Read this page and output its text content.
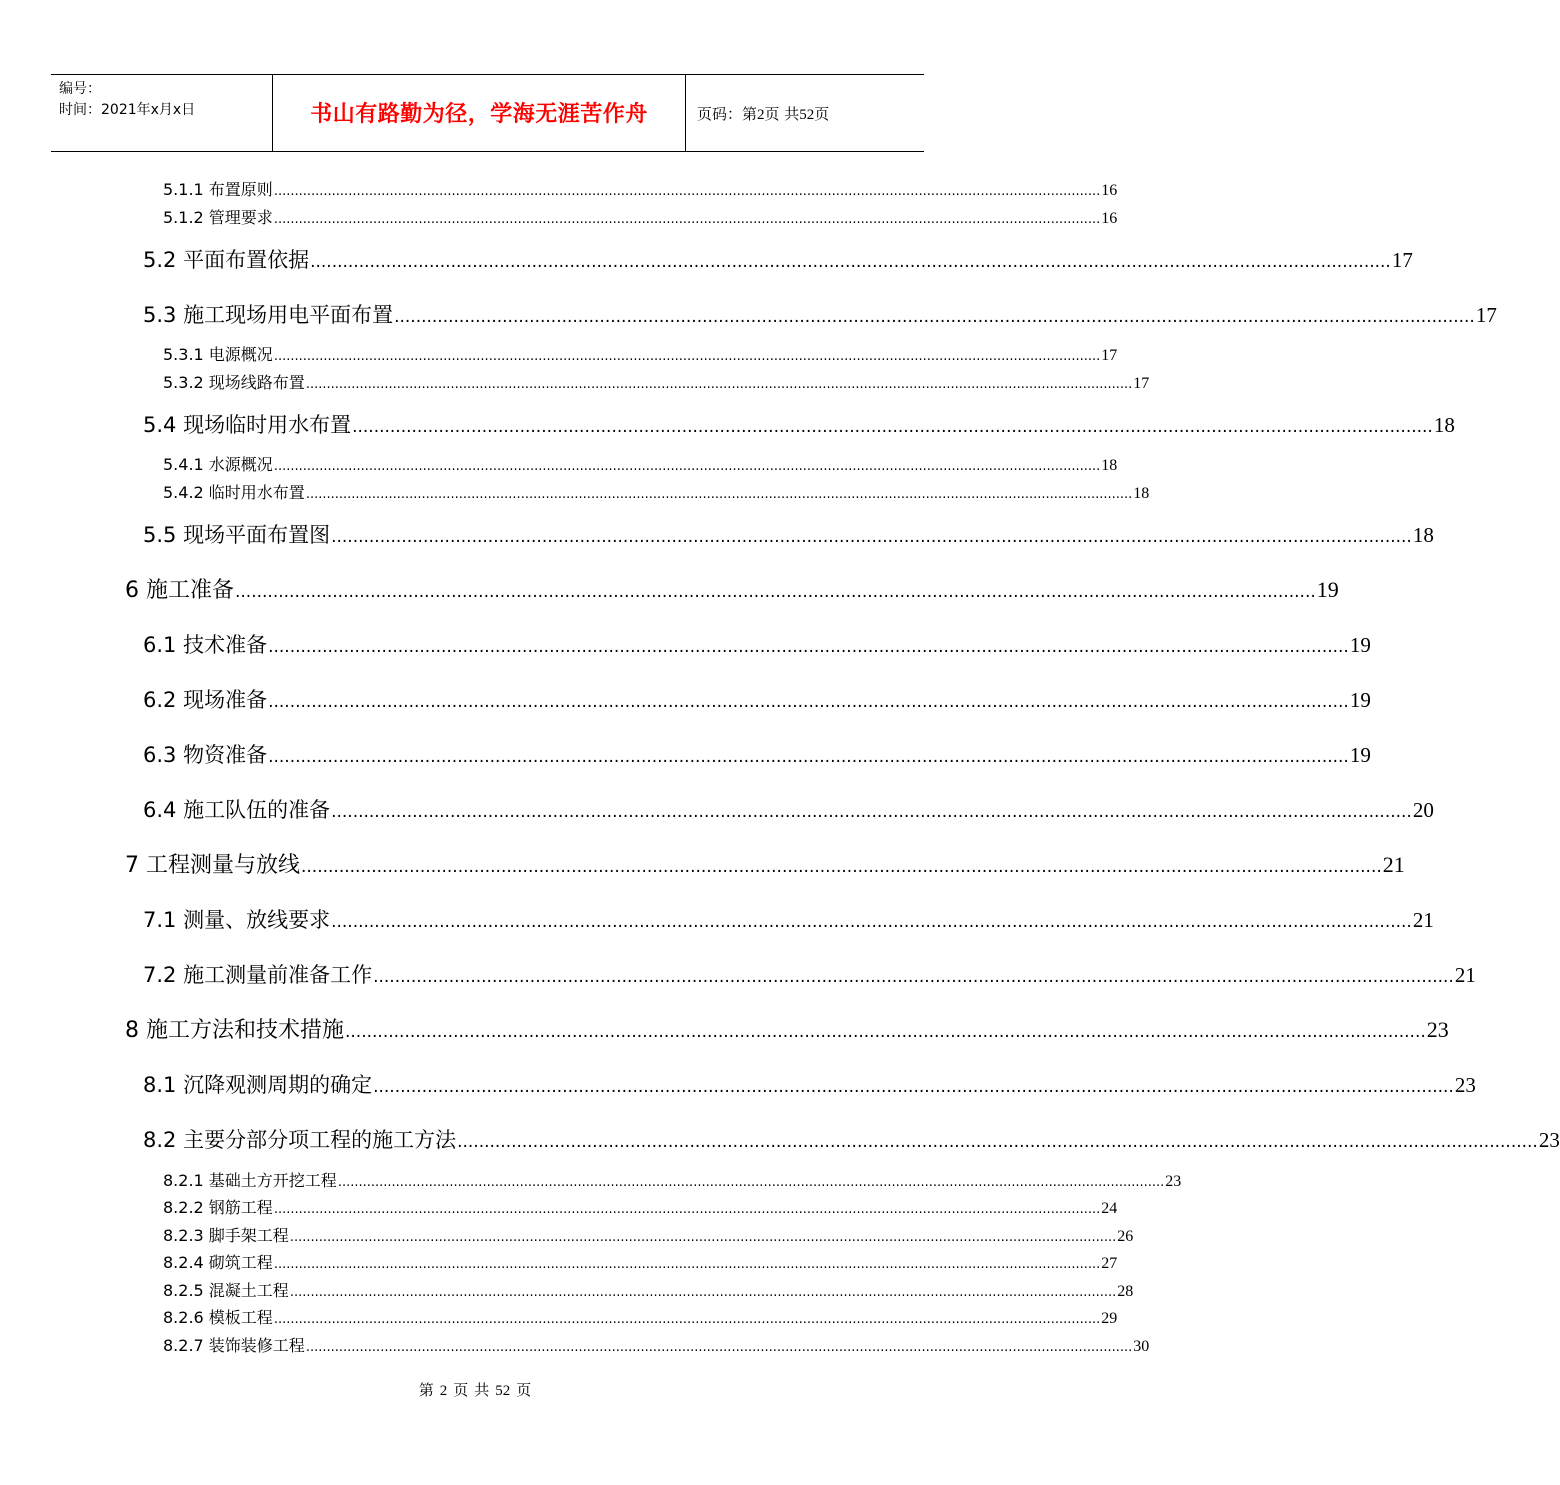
编号：
时间：2021年x月x日	书山有路勤为径，学海无涯苦作舟	页码：第2页 共52页
5.1.1 布置原则 ........................................................................................................................................................................................................ 16
5.1.2 管理要求 ........................................................................................................................................................................................................ 16
5.2 平面布置依据 ........................................................................................................................................................................................................ 17
5.3 施工现场用电平面布置 ........................................................................................................................................................................................................ 17
5.3.1 电源概况 ........................................................................................................................................................................................................ 17
5.3.2 现场线路布置 ........................................................................................................................................................................................................ 17
5.4 现场临时用水布置 ........................................................................................................................................................................................................ 18
5.4.1 水源概况 ........................................................................................................................................................................................................ 18
5.4.2 临时用水布置 ........................................................................................................................................................................................................ 18
5.5 现场平面布置图 ........................................................................................................................................................................................................ 18
6 施工准备 ........................................................................................................................................................................................................ 19
6.1 技术准备 ........................................................................................................................................................................................................ 19
6.2 现场准备 ........................................................................................................................................................................................................ 19
6.3 物资准备 ........................................................................................................................................................................................................ 19
6.4 施工队伍的准备 ........................................................................................................................................................................................................ 20
7 工程测量与放线 ........................................................................................................................................................................................................ 21
7.1 测量、放线要求 ........................................................................................................................................................................................................ 21
7.2 施工测量前准备工作 ........................................................................................................................................................................................................ 21
8 施工方法和技术措施 ........................................................................................................................................................................................................ 23
8.1 沉降观测周期的确定 ........................................................................................................................................................................................................ 23
8.2 主要分部分项工程的施工方法 ........................................................................................................................................................................................................ 23
8.2.1 基础土方开挖工程 ........................................................................................................................................................................................................ 23
8.2.2 钢筋工程 ........................................................................................................................................................................................................ 24
8.2.3 脚手架工程 ........................................................................................................................................................................................................ 26
8.2.4 砌筑工程 ........................................................................................................................................................................................................ 27
8.2.5 混凝土工程 ........................................................................................................................................................................................................ 28
8.2.6 模板工程 ........................................................................................................................................................................................................ 29
8.2.7 装饰装修工程 ........................................................................................................................................................................................................ 30
第 2 页 共 52 页
